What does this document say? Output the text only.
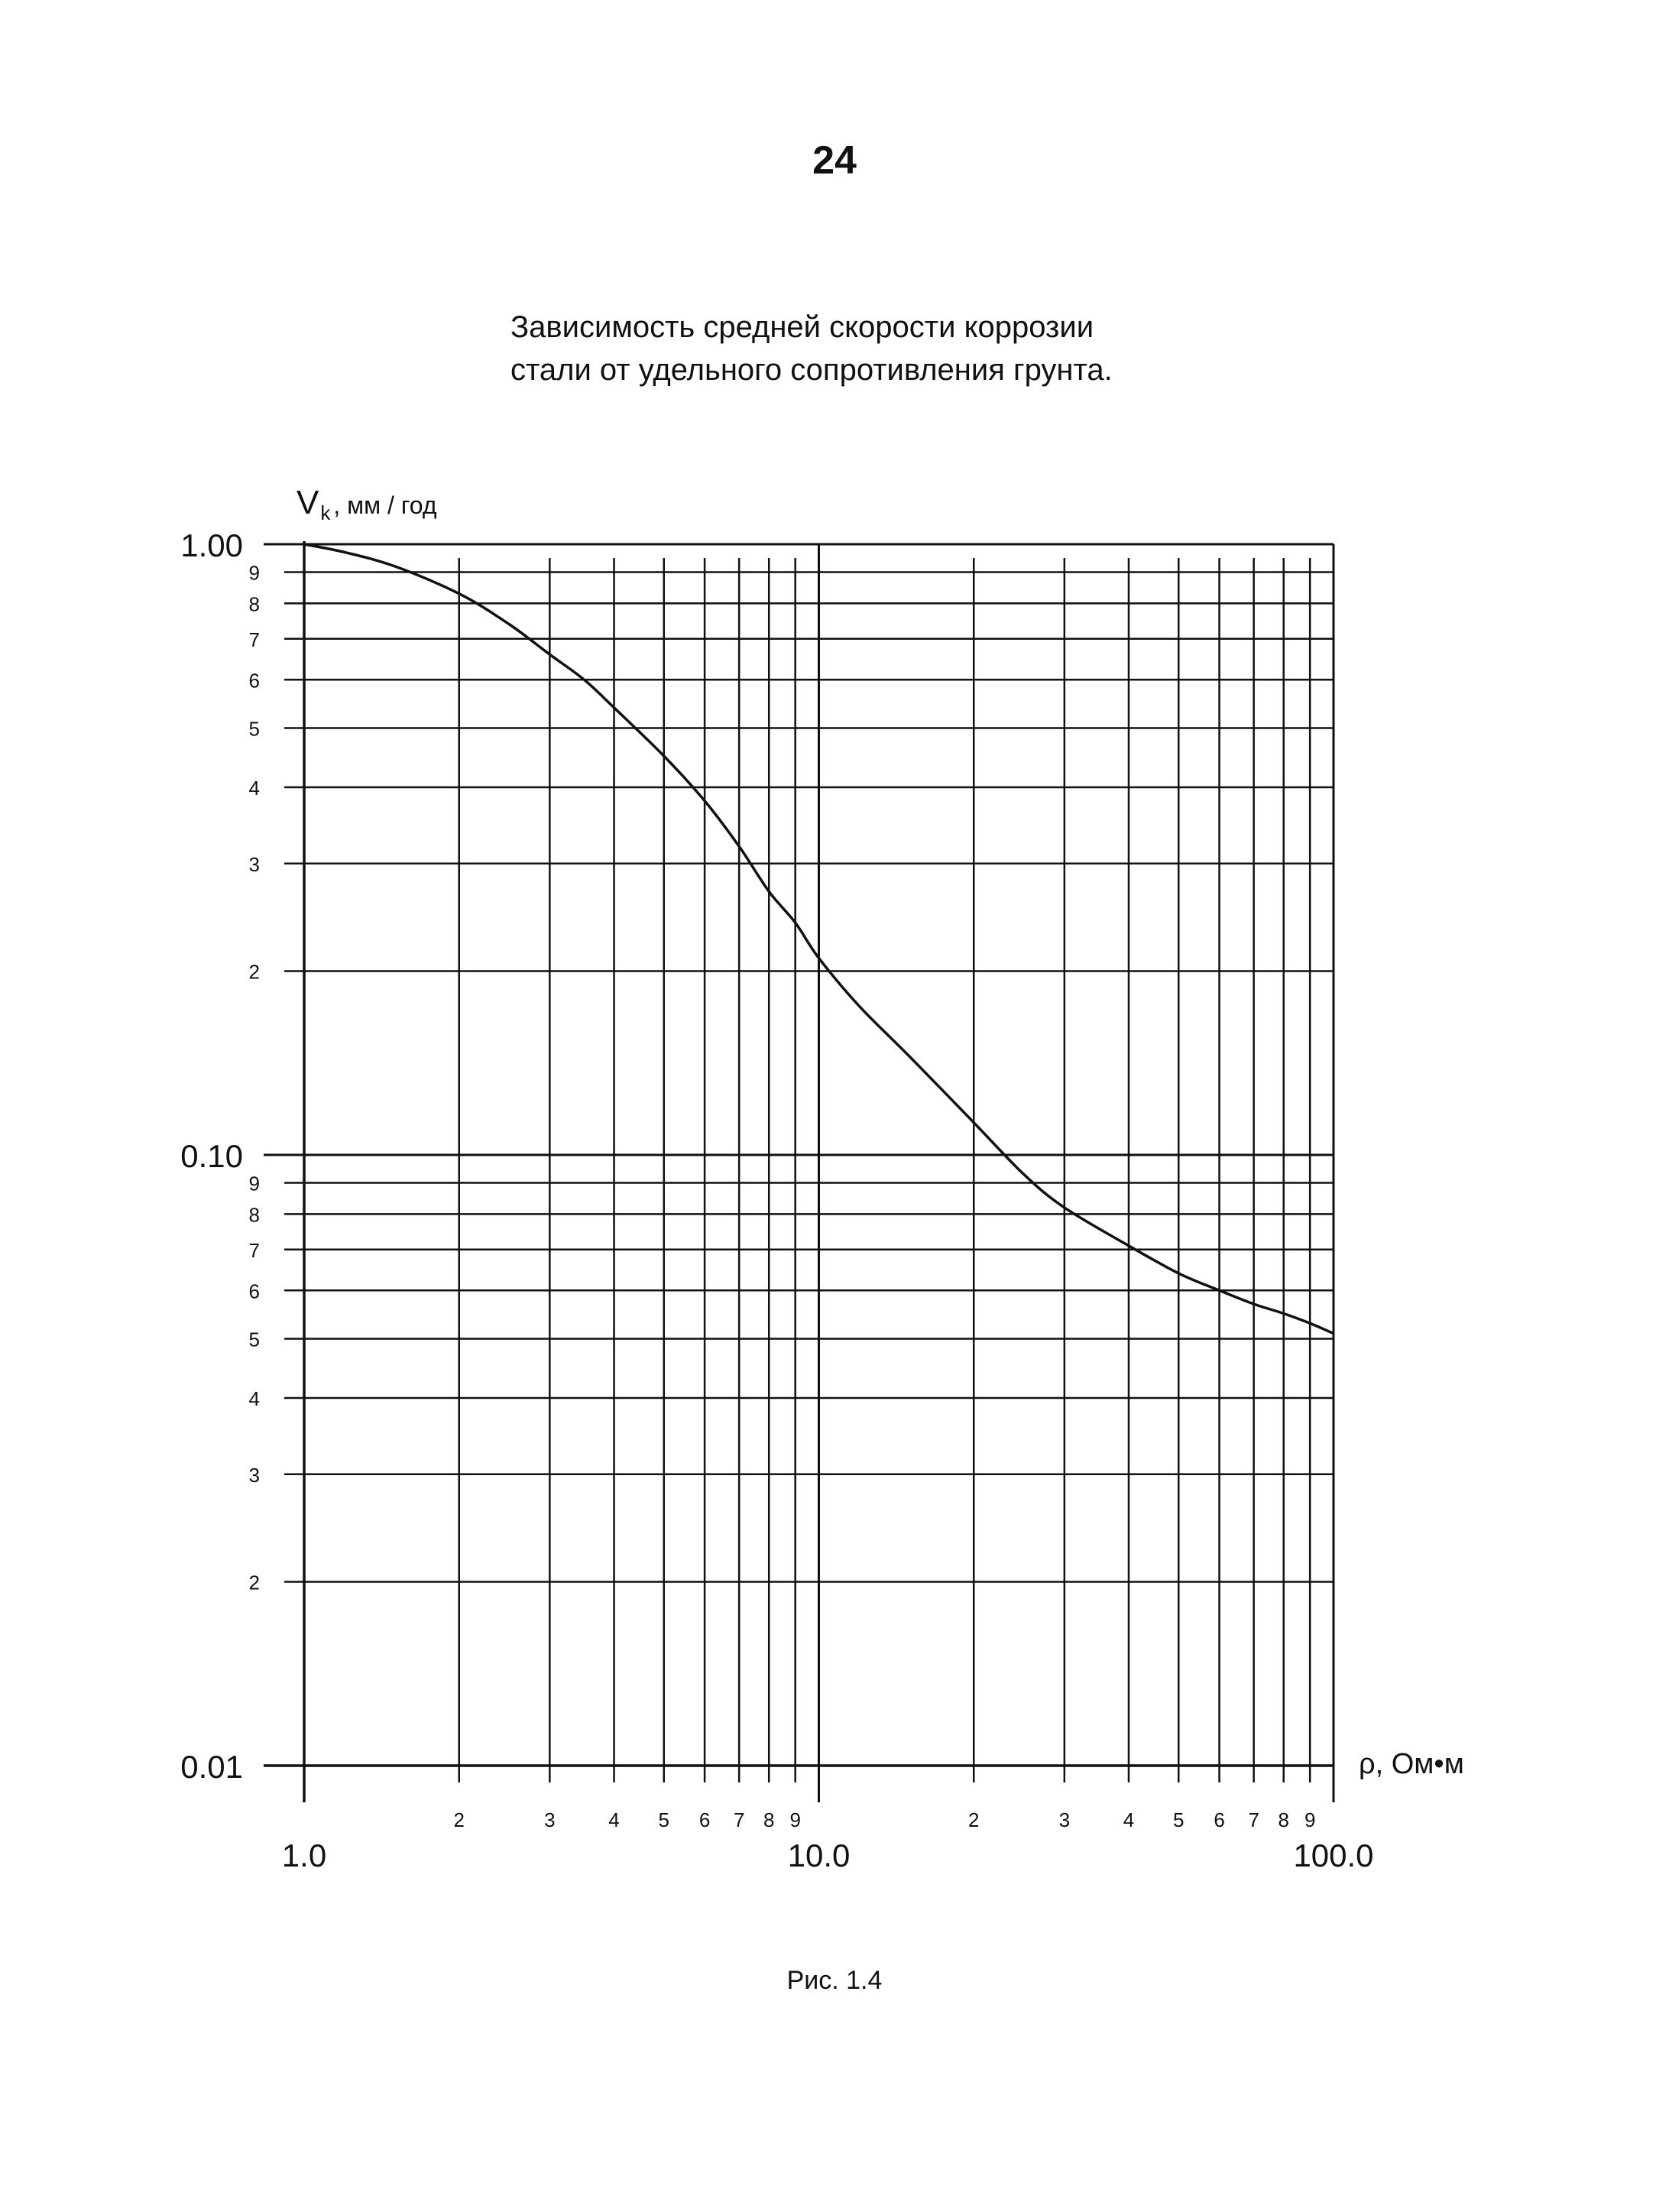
24
Зависимость средней скорости коррозии
стали от удельного сопротивления грунта.
1.00
0.10
0.01
9
8
7
6
5
4
3
2
9
8
7
6
5
4
3
2
1.0	10.0	100.0
2	3	4 5 6 7 8 9	2	3	4 5 6 7 8 9
Vk , мм / год
ρ, Ом•м
Рис. 1.4
